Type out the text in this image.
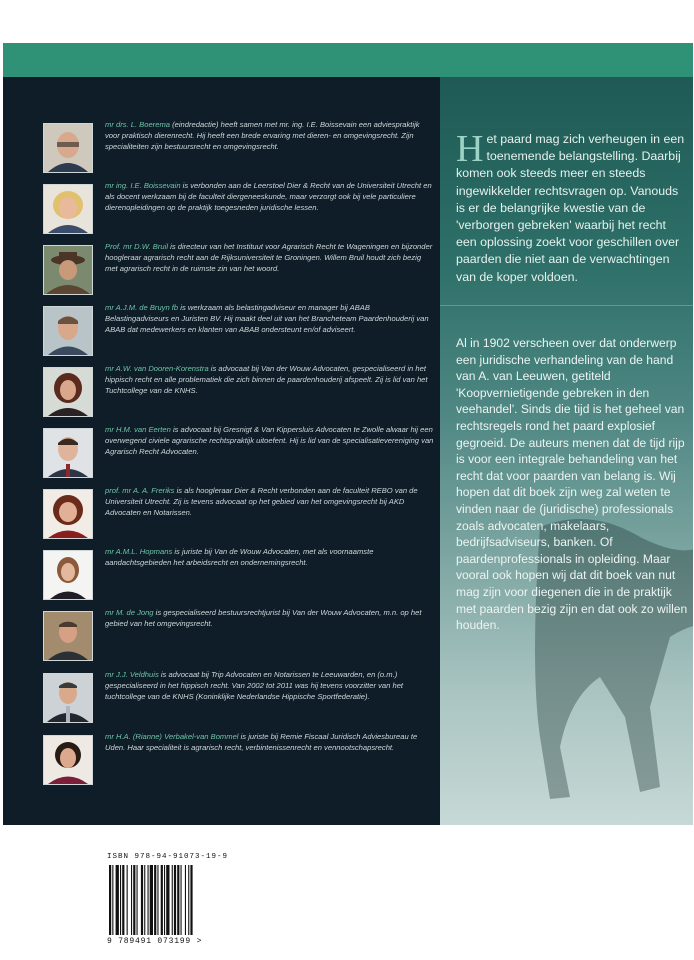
mr drs. L. Boerema (eindredactie) heeft samen met mr. ing. I.E. Boissevain een adviespraktijk voor praktisch dierenrecht. Hij heeft een brede ervaring met dieren- en omgevingsrecht. Zijn specialiteiten zijn bestuursrecht en omgevingsrecht.
mr ing. I.E. Boissevain is verbonden aan de Leerstoel Dier & Recht van de Universiteit Utrecht en als docent werkzaam bij de faculteit diergeneeskunde, maar verzorgt ook bij vele particuliere dierenopleidingen op de praktijk toegesneden juridische lessen.
Prof. mr D.W. Bruil is directeur van het Instituut voor Agrarisch Recht te Wageningen en bijzonder hoogleraar agrarisch recht aan de Rijksuniversiteit te Groningen. Willem Bruil houdt zich bezig met agrarisch recht in de ruimste zin van het woord.
mr A.J.M. de Bruyn fb is werkzaam als belastingadviseur en manager bij ABAB Belastingadviseurs en Juristen BV. Hij maakt deel uit van het Brancheteam Paardenhouderij van ABAB dat medewerkers en klanten van ABAB ondersteunt en/of adviseert.
mr A.W. van Dooren-Korenstra is advocaat bij Van der Wouw Advocaten, gespecialiseerd in het hippisch recht en alle problematiek die zich binnen de paardenhouderij afspeelt. Zij is lid van het Tuchtcollege van de KNHS.
mr H.M. van Eerten is advocaat bij Gresnigt & Van Kippersluis Advocaten te Zwolle alwaar hij een overwegend civiele agrarische rechtspraktijk uitoefent. Hij is lid van de specialisatievereniging van Agrarisch Recht Advocaten.
prof. mr A. A. Freriks is als hoogleraar Dier & Recht verbonden aan de faculteit REBO van de Universiteit Utrecht. Zij is tevens advocaat op het gebied van het omgevingsrecht bij AKD Advocaten en Notarissen.
mr A.M.L. Hopmans is juriste bij Van de Wouw Advocaten, met als voornaamste aandachtsgebieden het arbeidsrecht en ondernemingsrecht.
mr M. de Jong is gespecialiseerd bestuursrechtjurist bij Van der Wouw Advocaten, m.n. op het gebied van het omgevingsrecht.
mr J.J. Veldhuis is advocaat bij Trip Advocaten en Notarissen te Leeuwarden, en (o.m.) gespecialiseerd in het hippisch recht. Van 2002 tot 2011 was hij tevens voorzitter van het tuchtcollege van de KNHS (Koninklijke Nederlandse Hippische Sportfederatie).
mr H.A. (Rianne) Verbakel-van Bommel is juriste bij Remie Fiscaal Juridisch Adviesbureau te Uden. Haar specialiteit is agrarisch recht, verbintenissenrecht en vennootschapsrecht.
Het paard mag zich verheugen in een toenemende belangstelling. Daarbij komen ook steeds meer en steeds ingewikkelder rechtsvragen op. Vanouds is er de belangrijke kwestie van de 'verborgen gebreken' waarbij het recht een oplossing zoekt voor geschillen over paarden die niet aan de verwachtingen van de koper voldoen.
Al in 1902 verscheen over dat onderwerp een juridische verhandeling van de hand van A. van Leeuwen, getiteld 'Koopvernietigende gebreken in den veehandel'. Sinds die tijd is het geheel van rechtsregels rond het paard explosief gegroeid. De auteurs menen dat de tijd rijp is voor een integrale behandeling van het recht dat voor paarden van belang is. Wij hopen dat dit boek zijn weg zal weten te vinden naar de (juridische) professionals zoals advocaten, makelaars, bedrijfsadviseurs, banken. Of paardenprofessionals in opleiding. Maar vooral ook hopen wij dat dit boek van nut mag zijn voor diegenen die in de praktijk met paarden bezig zijn en dat ook zo willen houden.
ISBN 978-94-91073-19-9
9 789491 073199 >
